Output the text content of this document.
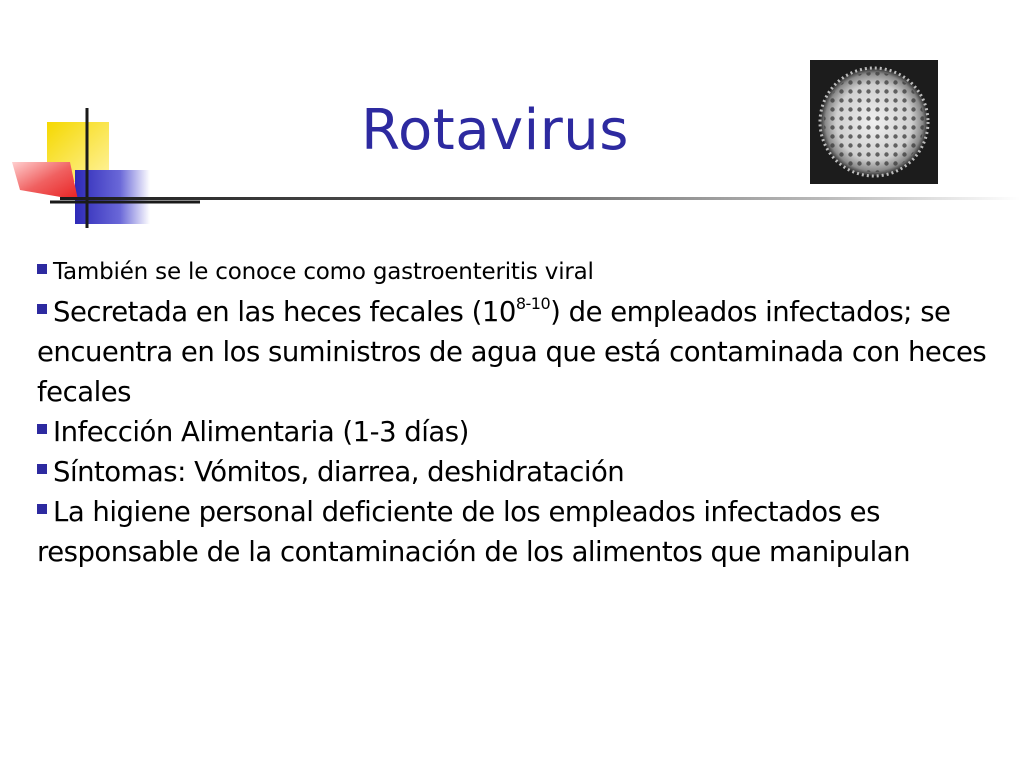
Rotavirus

También se le conoce como gastroenteritis viral

Secretada en las heces fecales (10$^{8-10}$) de empleados infectados; se encuentra en los suministros de agua que está contaminada con heces fecales

Infección Alimentaria (1-3 días)

Síntomas: Vómitos, diarrea, deshidratación

La higiene personal deficiente de los empleados infectados es responsable de la contaminación de los alimentos que manipulan
